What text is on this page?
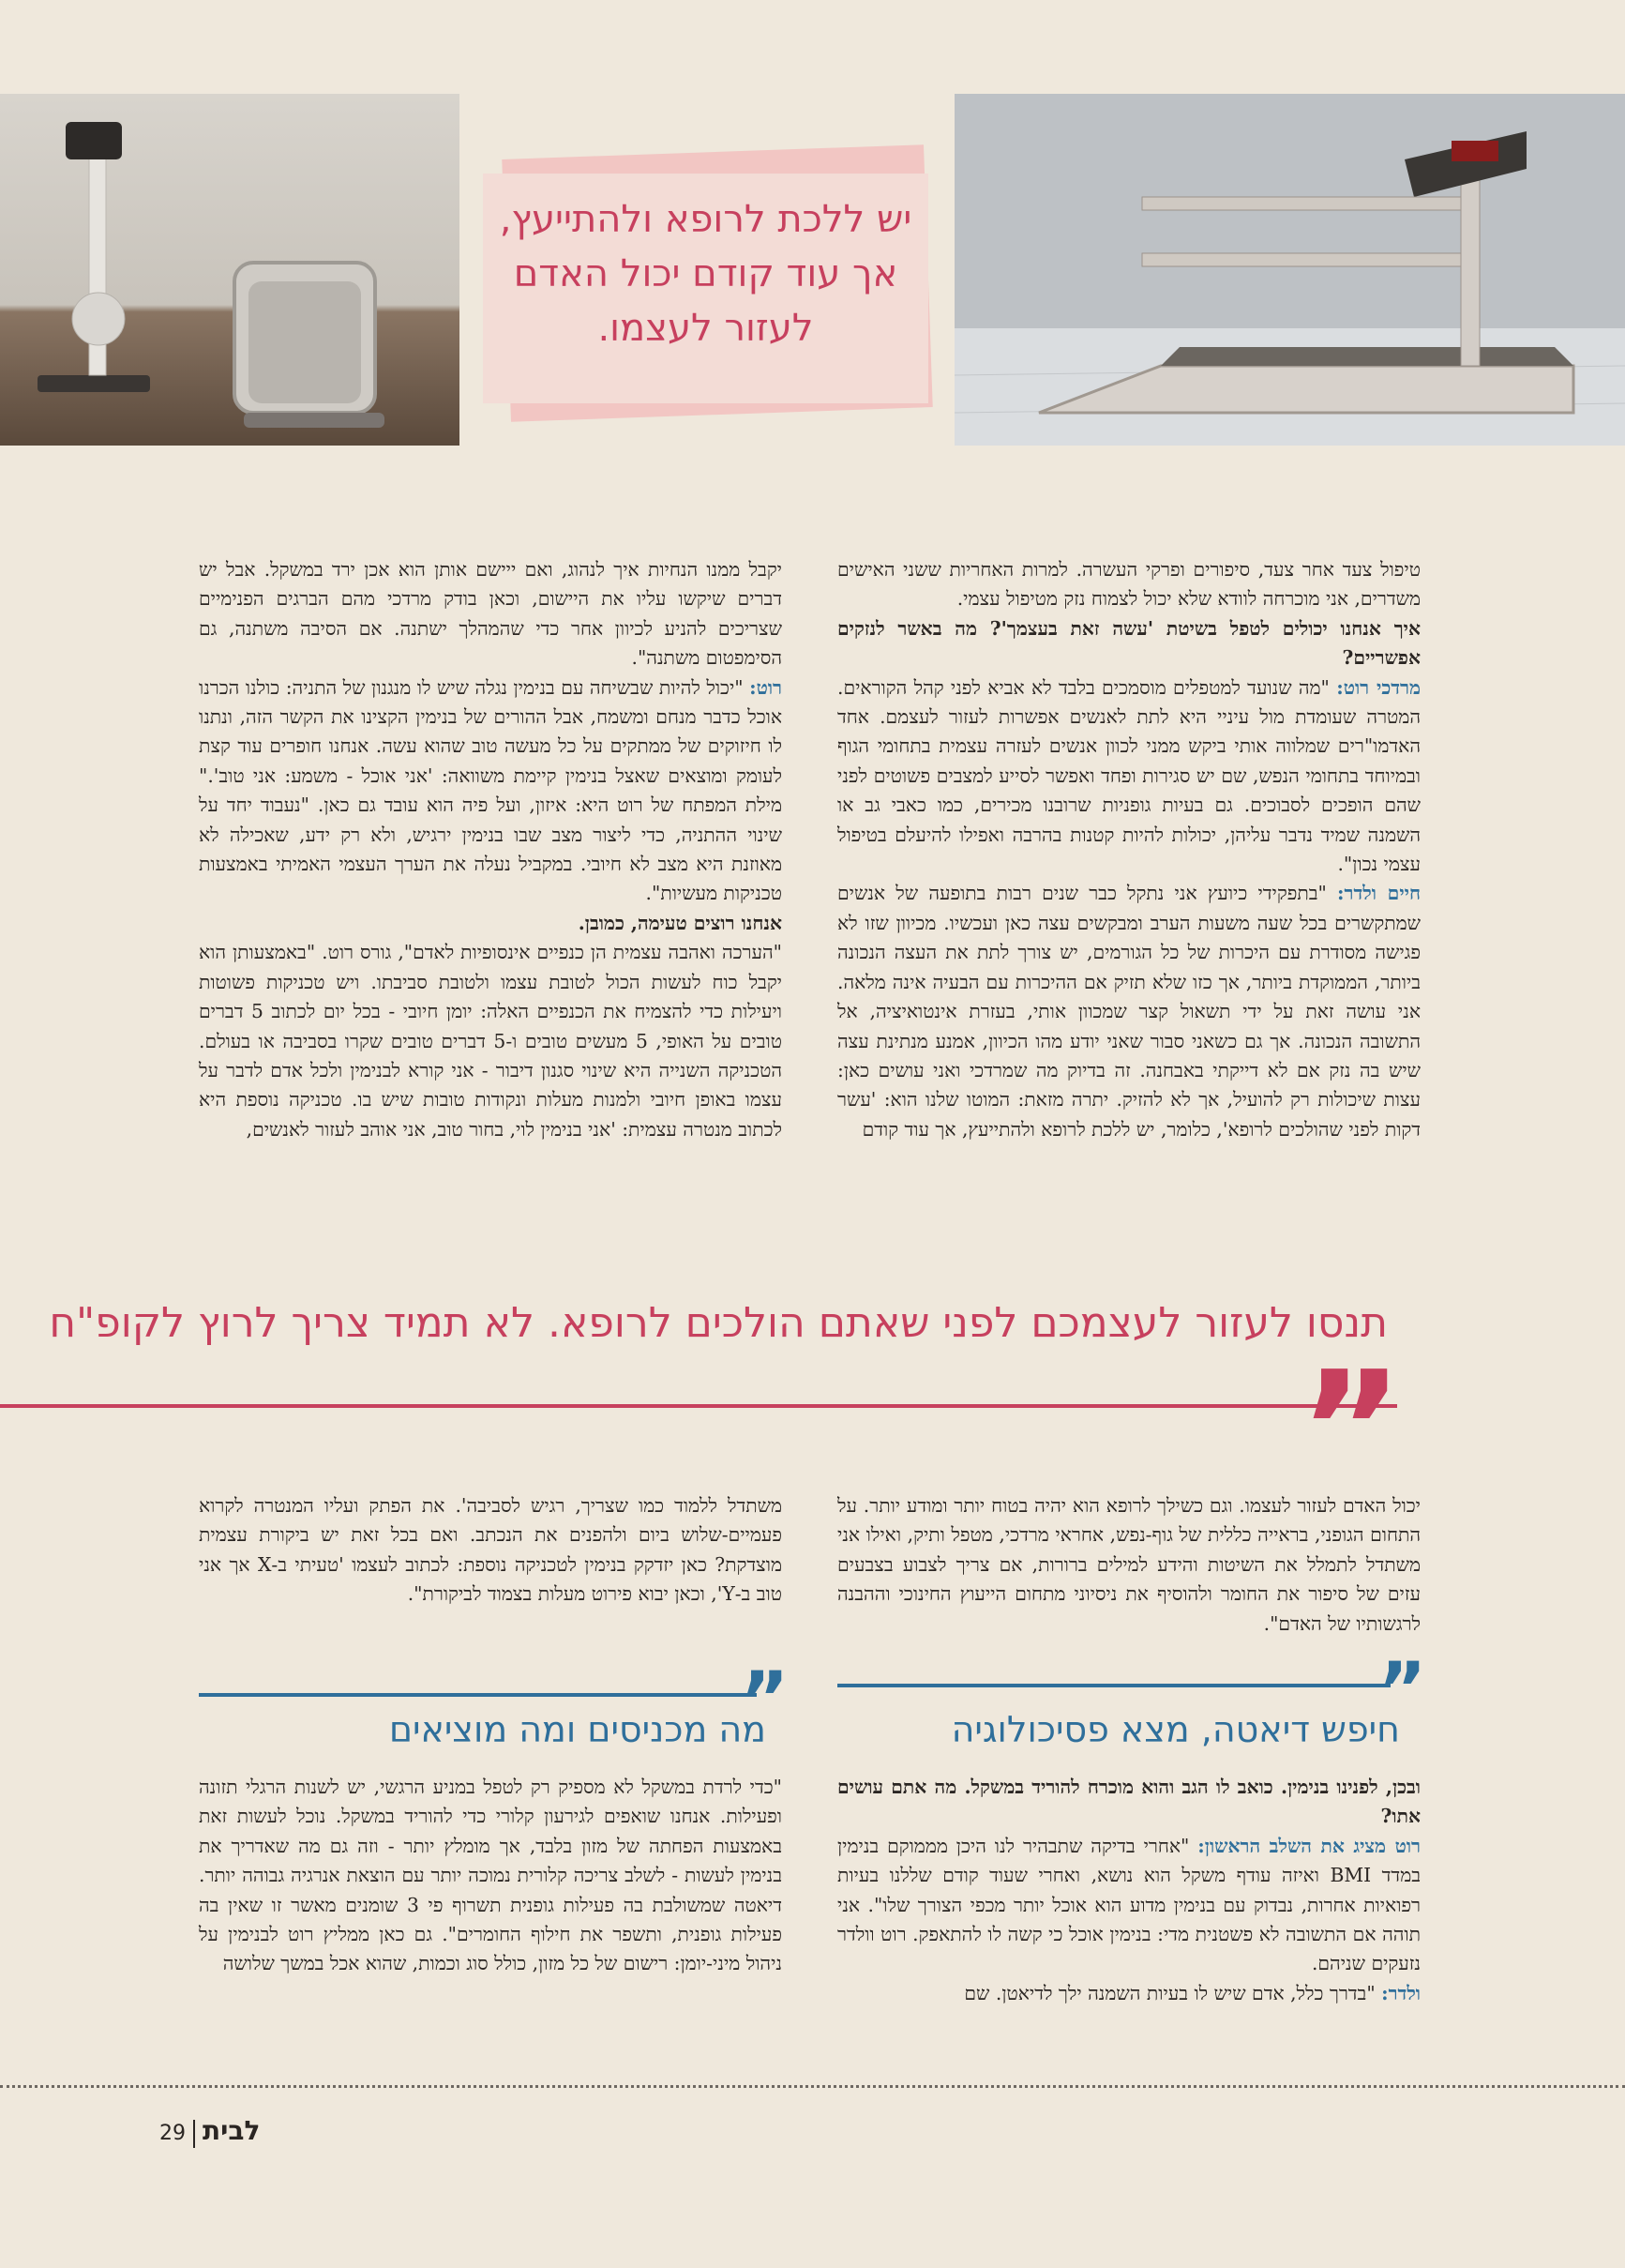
יש ללכת לרופא ולהתייעץ, אך עוד קודם יכול האדם לעזור לעצמו.

טיפול צעד אחר צעד, סיפורים ופרקי העשרה. למרות האחריות ששני האישים משדרים, אני מוכרחה לוודא שלא יכול לצמוח נזק מטיפול עצמי.

איך אנחנו יכולים לטפל בשיטת 'עשה זאת בעצמך'? מה באשר לנזקים אפשריים?

מרדכי רוט: "מה שנועד למטפלים מוסמכים בלבד לא אביא לפני קהל הקוראים. המטרה שעומדת מול עיניי היא לתת לאנשים אפשרות לעזור לעצמם. אחד האדמו"רים שמלווה אותי ביקש ממני לכוון אנשים לעזרה עצמית בתחומי הגוף ובמיוחד בתחומי הנפש, שם יש סגירות ופחד ואפשר לסייע למצבים פשוטים לפני שהם הופכים לסבוכים. גם בעיות גופניות שרובנו מכירים, כמו כאבי גב או השמנה שמיד נדבר עליהן, יכולות להיות קטנות בהרבה ואפילו להיעלם בטיפול עצמי נכון".

חיים ולדר: "בתפקידי כיועץ אני נתקל כבר שנים רבות בתופעה של אנשים שמתקשרים בכל שעה משעות הערב ומבקשים עצה כאן ועכשיו. מכיוון שזו לא פגישה מסודרת עם היכרות של כל הגורמים, יש צורך לתת את העצה הנכונה ביותר, הממוקדת ביותר, אך כזו שלא תזיק אם ההיכרות עם הבעיה אינה מלאה. אני עושה זאת על ידי תשאול קצר שמכוון אותי, בעזרת אינטואיציה, אל התשובה הנכונה. אך גם כשאני סבור שאני יודע מהו הכיוון, אמנע מנתינת עצה שיש בה נזק אם לא דייקתי באבחנה. זה בדיוק מה שמרדכי ואני עושים כאן: עצות שיכולות רק להועיל, אך לא להזיק. יתרה מזאת: המוטו שלנו הוא: 'עשר דקות לפני שהולכים לרופא', כלומר, יש ללכת לרופא ולהתייעץ, אך עוד קודם

יקבל ממנו הנחיות איך לנהוג, ואם ייישם אותן הוא אכן ירד במשקל. אבל יש דברים שיקשו עליו את היישום, וכאן בודק מרדכי מהם הברגים הפנימיים שצריכים להניע לכיוון אחר כדי שהמהלך ישתנה. אם הסיבה משתנה, גם הסימפטום משתנה".

רוט: "יכול להיות שבשיחה עם בנימין נגלה שיש לו מנגנון של התניה: כולנו הכרנו אוכל כדבר מנחם ומשמח, אבל ההורים של בנימין הקצינו את הקשר הזה, ונתנו לו חיזוקים של ממתקים על כל מעשה טוב שהוא עשה. אנחנו חופרים עוד קצת לעומק ומוצאים שאצל בנימין קיימת משוואה: 'אני אוכל - משמע: אני טוב'." מילת המפתח של רוט היא: איזון, ועל פיה הוא עובד גם כאן. "נעבוד יחד על שינוי ההתניה, כדי ליצור מצב שבו בנימין ירגיש, ולא רק ידע, שאכילה לא מאוזנת היא מצב לא חיובי. במקביל נעלה את הערך העצמי האמיתי באמצעות טכניקות מעשיות".

אנחנו רוצים טעימה, כמובן.

"הערכה ואהבה עצמית הן כנפיים אינסופיות לאדם", גורס רוט. "באמצעותן הוא יקבל כוח לעשות הכול לטובת עצמו ולטובת סביבתו. ויש טכניקות פשוטות ויעילות כדי להצמיח את הכנפיים האלה: יומן חיובי - בכל יום לכתוב 5 דברים טובים על האופי, 5 מעשים טובים ו-5 דברים טובים שקרו בסביבה או בעולם. הטכניקה השנייה היא שינוי סגנון דיבור - אני קורא לבנימין ולכל אדם לדבר על עצמו באופן חיובי ולמנות מעלות ונקודות טובות שיש בו. טכניקה נוספת היא לכתוב מנטרה עצמית: 'אני בנימין לוי, בחור טוב, אני אוהב לעזור לאנשים,

תנסו לעזור לעצמכם לפני שאתם הולכים לרופא. לא תמיד צריך לרוץ לקופ"ח
”
יכול האדם לעזור לעצמו. וגם כשילך לרופא הוא יהיה בטוח יותר ומודע יותר. על התחום הגופני, בראייה כללית של גוף-נפש, אחראי מרדכי, מטפל ותיק, ואילו אני משתדל לתמלל את השיטות והידע למילים ברורות, אם צריך לצבוע בצבעים עזים של סיפור את החומר ולהוסיף את ניסיוני מתחום הייעוץ החינוכי וההבנה לרגשותיו של האדם".
משתדל ללמוד כמו שצריך, רגיש לסביבה'. את הפתק ועליו המנטרה לקרוא פעמיים-שלוש ביום ולהפנים את הנכתב. ואם בכל זאת יש ביקורת עצמית מוצדקת? כאן יזדקק בנימין לטכניקה נוספת: לכתוב לעצמו 'טעיתי ב-X אך אני טוב ב-Y', וכאן יבוא פירוט מעלות בצמוד לביקורת".
”
חיפש דיאטה, מצא פסיכולוגיה
”
מה מכניסים ומה מוציאים

ובכן, לפנינו בנימין. כואב לו הגב והוא מוכרח להוריד במשקל. מה אתם עושים אתו?

רוט מציג את השלב הראשון: "אחרי בדיקה שתבהיר לנו היכן מממוקם בנימין במדד BMI ואיזה עודף משקל הוא נושא, ואחרי שעוד קודם שללנו בעיות רפואיות אחרות, נבדוק עם בנימין מדוע הוא אוכל יותר מכפי הצורך שלו". אני תוהה אם התשובה לא פשטנית מדי: בנימין אוכל כי קשה לו להתאפק. רוט וולדר נזעקים שניהם.

ולדר: "בדרך כלל, אדם שיש לו בעיות השמנה ילך לדיאטן. שם

"כדי לרדת במשקל לא מספיק רק לטפל במניע הרגשי, יש לשנות הרגלי תזונה ופעילות. אנחנו שואפים לגירעון קלורי כדי להוריד במשקל. נוכל לעשות זאת באמצעות הפחתה של מזון בלבד, אך מומלץ יותר - וזה גם מה שאדריך את בנימין לעשות - לשלב צריכה קלורית נמוכה יותר עם הוצאת אנרגיה גבוהה יותר. דיאטה שמשולבת בה פעילות גופנית תשרוף פי 3 שומנים מאשר זו שאין בה פעילות גופנית, ותשפר את חילוף החומרים". גם כאן ממליץ רוט לבנימין על ניהול מיני-יומן: רישום של כל מזון, כולל סוג וכמות, שהוא אכל במשך שלושה
לבית29
